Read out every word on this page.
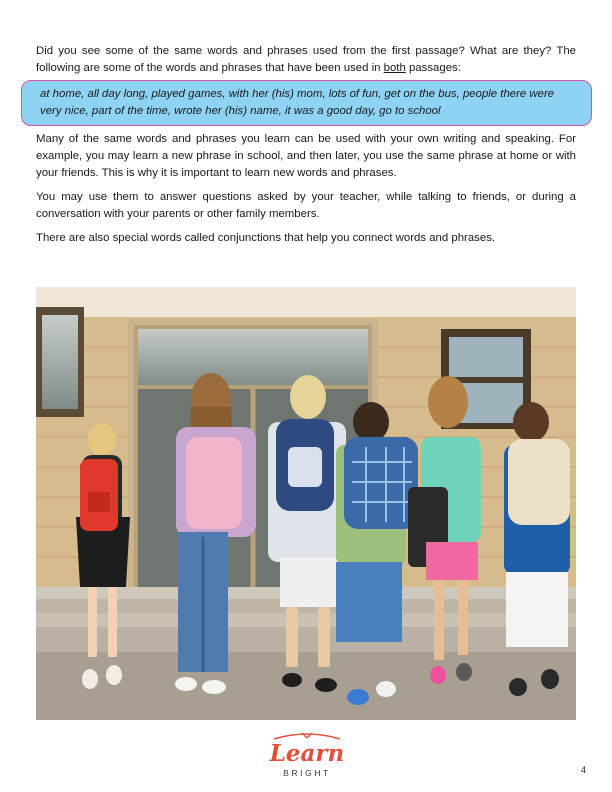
Did you see some of the same words and phrases used from the first passage? What are they? The following are some of the words and phrases that have been used in both passages:

at home, all day long, played games, with her (his) mom, lots of fun, get on the bus, people there were very nice, part of the time, wrote her (his) name, it was a good day, go to school

Many of the same words and phrases you learn can be used with your own writing and speaking. For example, you may learn a new phrase in school, and then later, you use the same phrase at home or with your friends. This is why it is important to learn new words and phrases.

You may use them to answer questions asked by your teacher, while talking to friends, or during a conversation with your parents or other family members.

There are also special words called conjunctions that help you connect words and phrases.

Learn
BRIGHT	4
